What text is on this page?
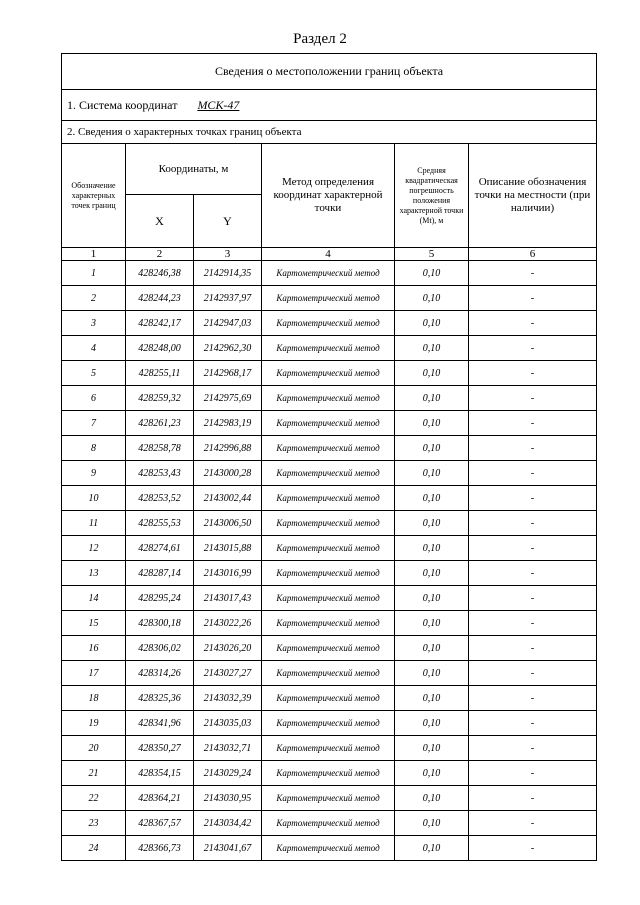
Раздел 2
Сведения о местоположении границ объекта					
1. Система координат МСК-47					
2. Сведения о характерных точках границ объекта					
Обозначение характерных точек границ	Координаты, м		Метод определения координат характерной точки	Средняя квадратическая погрешность положения характерной точки (Mt), м	Описание обозначения точки на местности (при наличии)
	X	Y			
1	2	3	4	5	6
1	428246,38	2142914,35	Картометрический метод	0,10	-
2	428244,23	2142937,97	Картометрический метод	0,10	-
3	428242,17	2142947,03	Картометрический метод	0,10	-
4	428248,00	2142962,30	Картометрический метод	0,10	-
5	428255,11	2142968,17	Картометрический метод	0,10	-
6	428259,32	2142975,69	Картометрический метод	0,10	-
7	428261,23	2142983,19	Картометрический метод	0,10	-
8	428258,78	2142996,88	Картометрический метод	0,10	-
9	428253,43	2143000,28	Картометрический метод	0,10	-
10	428253,52	2143002,44	Картометрический метод	0,10	-
11	428255,53	2143006,50	Картометрический метод	0,10	-
12	428274,61	2143015,88	Картометрический метод	0,10	-
13	428287,14	2143016,99	Картометрический метод	0,10	-
14	428295,24	2143017,43	Картометрический метод	0,10	-
15	428300,18	2143022,26	Картометрический метод	0,10	-
16	428306,02	2143026,20	Картометрический метод	0,10	-
17	428314,26	2143027,27	Картометрический метод	0,10	-
18	428325,36	2143032,39	Картометрический метод	0,10	-
19	428341,96	2143035,03	Картометрический метод	0,10	-
20	428350,27	2143032,71	Картометрический метод	0,10	-
21	428354,15	2143029,24	Картометрический метод	0,10	-
22	428364,21	2143030,95	Картометрический метод	0,10	-
23	428367,57	2143034,42	Картометрический метод	0,10	-
24	428366,73	2143041,67	Картометрический метод	0,10	-
